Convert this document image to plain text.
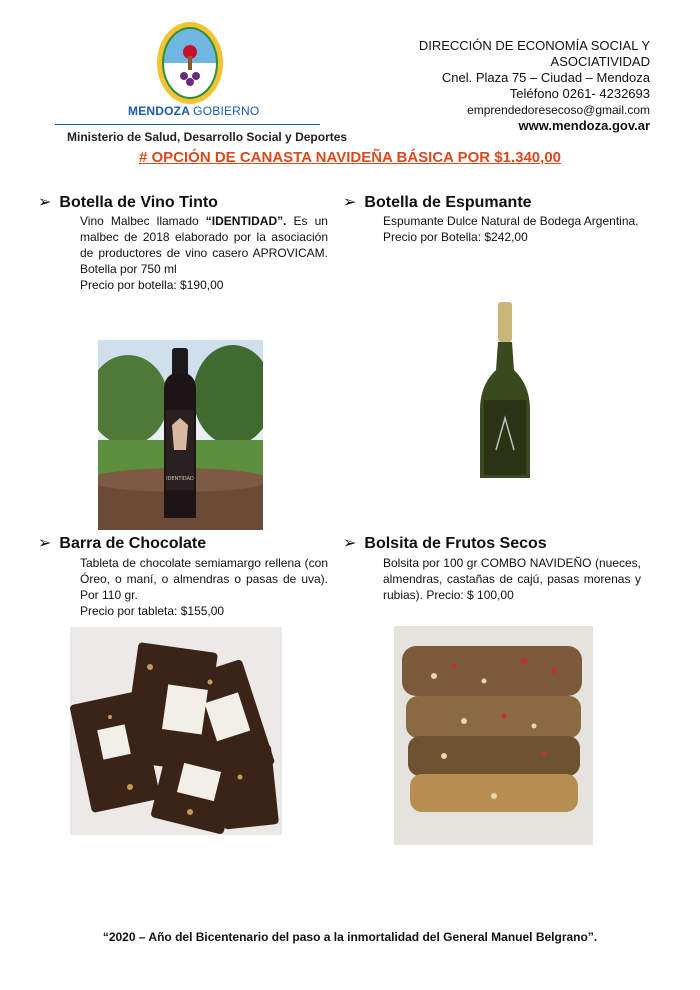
MENDOZA GOBIERNO
Ministerio de Salud, Desarrollo Social y Deportes
DIRECCIÓN DE ECONOMÍA SOCIAL Y
ASOCIATIVIDAD
Cnel. Plaza 75 – Ciudad – Mendoza
Teléfono 0261- 4232693
emprendedoresecoso@gmail.com
www.mendoza.gov.ar
# OPCIÓN DE CANASTA NAVIDEÑA BÁSICA POR $1.340,00
➢ Botella de Vino Tinto
Vino Malbec llamado “IDENTIDAD”. Es un malbec de 2018 elaborado por la asociación de productores de vino casero APROVICAM. Botella por 750 ml
Precio por botella: $190,00
➢ Botella de Espumante
Espumante Dulce Natural de Bodega Argentina.
Precio por Botella: $242,00
IDENTIDAD
➢ Barra de Chocolate
Tableta de chocolate semiamargo rellena (con Óreo, o maní, o almendras o pasas de uva). Por 110 gr.
Precio por tableta: $155,00
➢ Bolsita de Frutos Secos
Bolsita por 100 gr COMBO NAVIDEÑO (nueces, almendras, castañas de cajú, pasas morenas y rubias). Precio: $ 100,00
“2020 – Año del Bicentenario del paso a la inmortalidad del General Manuel Belgrano”.
